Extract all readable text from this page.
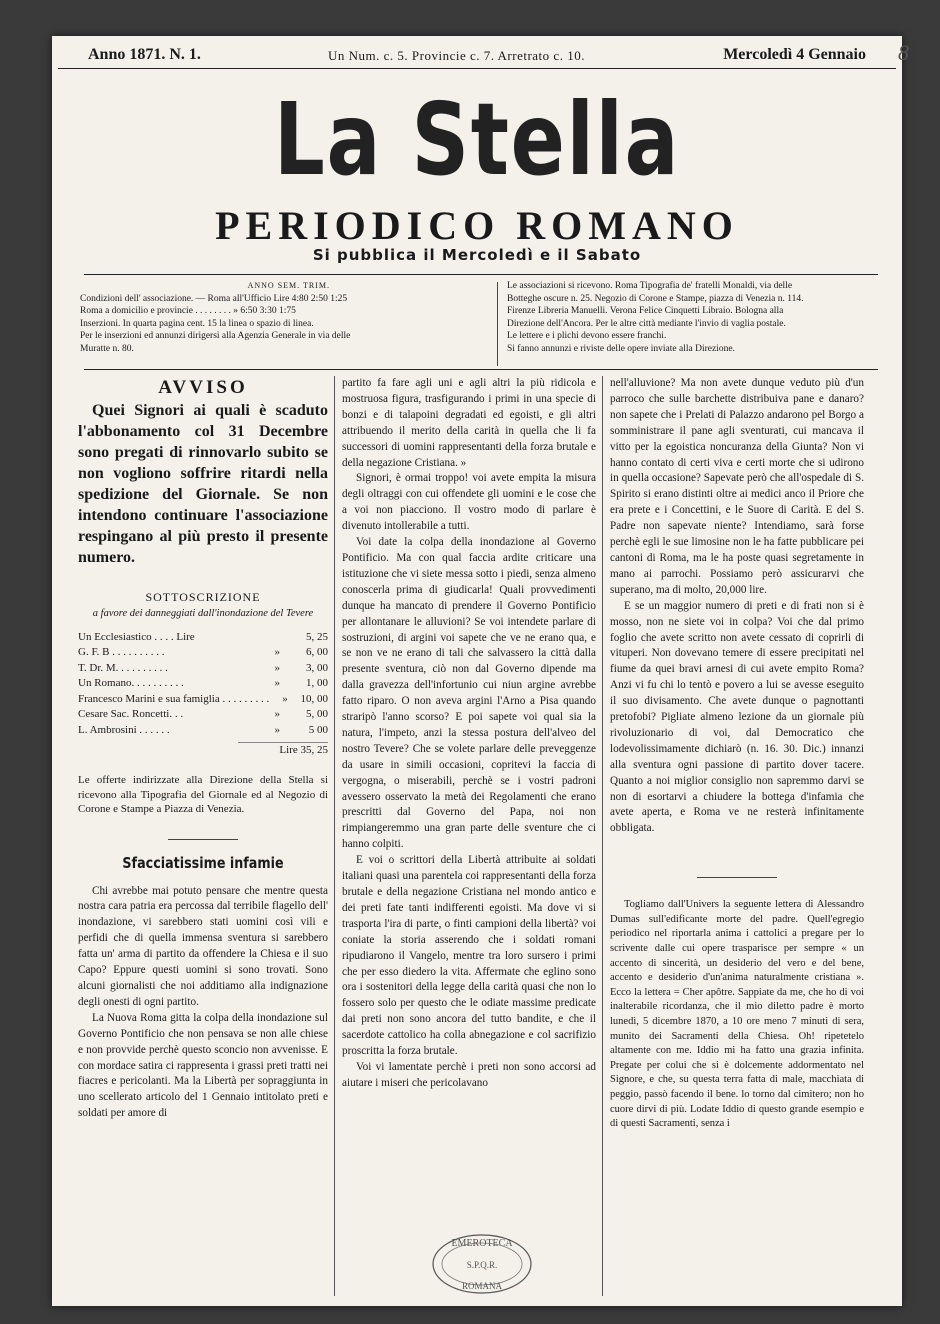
Anno 1871. N. 1.	Un Num. c. 5. Provincie c. 7. Arretrato c. 10.	Mercoledì 4 Gennaio 8
La Stella
PERIODICO ROMANO
Si pubblica il Mercoledì e il Sabato
ANNO SEM. TRIM.
Condizioni dell' associazione. — Roma all'Ufficio Lire 4:80 2:50 1:25
Roma a domicilio e provincie . . . . . . . . » 6:50 3:30 1:75
Inserzioni. In quarta pagina cent. 15 la linea o spazio di linea.
Per le inserzioni ed annunzi dirigersi alla Agenzia Generale in via delle
Muratte n. 80.
Le associazioni si ricevono. Roma Tipografia de' fratelli Monaldi, via delle
Botteghe oscure n. 25. Negozio di Corone e Stampe, piazza di Venezia n. 114.
Firenze Libreria Manuelli. Verona Felice Cinquetti Libraio. Bologna alla
Direzione dell'Ancora. Per le altre città mediante l'invio di vaglia postale.
Le lettere e i plichi devono essere franchi.
Si fanno annunzi e riviste delle opere inviate alla Direzione.
AVVISO
Quei Signori ai quali è scaduto l'abbonamento col 31 Decembre sono pregati di rinnovarlo subito se non vogliono soffrire ritardi nella spedizione del Giornale. Se non intendono continuare l'associazione respingano al più presto il presente numero.
SOTTOSCRIZIONE
a favore dei danneggiati dall'inondazione del Tevere
Un Ecclesiastico . . . . Lire	5, 25
G. F. B . . . . . . . . . .	»	6, 00
T. Dr. M. . . . . . . . . .	»	3, 00
Un Romano. . . . . . . . . .	»	1, 00
Francesco Marini e sua famiglia . . . . . . . . .	»	10, 00
Cesare Sac. Roncetti. . .	»	5, 00
L. Ambrosini . . . . . .	»	5 00
Lire 35, 25
Le offerte indirizzate alla Direzione della Stella si ricevono alla Tipografia del Giornale ed al Negozio di Corone e Stampe a Piazza di Venezia.
Sfacciatissime infamie

Chi avrebbe mai potuto pensare che mentre questa nostra cara patria era percossa dal terribile flagello dell' inondazione, vi sarebbero stati uomini così vili e perfidi che di quella immensa sventura si sarebbero fatta un' arma di partito da offendere la Chiesa e il suo Capo? Eppure questi uomini si sono trovati. Sono alcuni giornalisti che noi additiamo alla indignazione degli onesti di ogni partito.

La Nuova Roma gitta la colpa della inondazione sul Governo Pontificio che non pensava se non alle chiese e non provvide perchè questo sconcio non avvenisse. E con mordace satira ci rappresenta i grassi preti tratti nei fiacres e pericolanti. Ma la Libertà per sopraggiunta in uno scellerato articolo del 1 Gennaio intitolato preti e soldati per amore di

partito fa fare agli uni e agli altri la più ridicola e mostruosa figura, trasfigurando i primi in una specie di bonzi e di talapoini degradati ed egoisti, e gli altri attribuendo il merito della carità in quella che li fa successori di uomini rappresentanti della forza brutale e della negazione Cristiana. »

Signori, è ormai troppo! voi avete empita la misura degli oltraggi con cui offendete gli uomini e le cose che a voi non piacciono. Il vostro modo di parlare è divenuto intollerabile a tutti.

Voi date la colpa della inondazione al Governo Pontificio. Ma con qual faccia ardite criticare una istituzione che vi siete messa sotto i piedi, senza almeno conoscerla prima di giudicarla! Quali provvedimenti dunque ha mancato di prendere il Governo Pontificio per allontanare le alluvioni? Se voi intendete parlare di sostruzioni, di argini voi sapete che ve ne erano qua, e se non ve ne erano di tali che salvassero la città dalla presente sventura, ciò non dal Governo dipende ma dalla gravezza dell'infortunio cui niun argine avrebbe fatto riparo. O non aveva argini l'Arno a Pisa quando straripò l'anno scorso? E poi sapete voi qual sia la natura, l'impeto, anzi la stessa postura dell'alveo del nostro Tevere? Che se volete parlare delle preveggenze da usare in simili occasioni, copritevi la faccia di vergogna, o miserabili, perchè se i vostri padroni avessero osservato la metà dei Regolamenti che erano prescritti dal Governo del Papa, noi non rimpiangeremmo una gran parte delle sventure che ci hanno colpiti.

E voi o scrittori della Libertà attribuite ai soldati italiani quasi una parentela coi rappresentanti della forza brutale e della negazione Cristiana nel mondo antico e dei preti fate tanti indifferenti egoisti. Ma dove vi si trasporta l'ira di parte, o finti campioni della libertà? voi coniate la storia asserendo che i soldati romani ripudiarono il Vangelo, mentre tra loro sursero i primi che per esso diedero la vita. Affermate che eglino sono ora i sostenitori della legge della carità quasi che non lo fossero solo per questo che le odiate massime predicate dai preti non sono ancora del tutto bandite, e che il sacerdote cattolico ha colla abnegazione e col sacrifizio proscritta la forza brutale.

Voi vi lamentate perchè i preti non sono accorsi ad aiutare i miseri che pericolavano

nell'alluvione? Ma non avete dunque veduto più d'un parroco che sulle barchette distribuiva pane e danaro? non sapete che i Prelati di Palazzo andarono pel Borgo a somministrare il pane agli sventurati, cui mancava il vitto per la egoistica noncuranza della Giunta? Non vi hanno contato di certi viva e certi morte che si udirono in quella occasione? Sapevate però che all'ospedale di S. Spirito si erano distinti oltre ai medici anco il Priore che era prete e i Concettini, e le Suore di Carità. E del S. Padre non sapevate niente? Intendiamo, sarà forse perchè egli le sue limosine non le ha fatte pubblicare pei cantoni di Roma, ma le ha poste quasi segretamente in mano ai parrochi. Possiamo però assicurarvi che superano, ma di molto, 20,000 lire.

E se un maggior numero di preti e di frati non si è mosso, non ne siete voi in colpa? Voi che dal primo foglio che avete scritto non avete cessato di coprirli di vituperi. Non dovevano temere di essere precipitati nel fiume da quei bravi arnesi di cui avete empito Roma? Anzi vi fu chi lo tentò e povero a lui se avesse eseguito il suo divisamento. Che avete dunque o pagnottanti pretofobi? Pigliate almeno lezione da un giornale più rivoluzionario di voi, dal Democratico che lodevolissimamente dichiarò (n. 16. 30. Dic.) innanzi alla sventura ogni passione di partito dover tacere. Quanto a noi miglior consiglio non sapremmo darvi se non di esortarvi a chiudere la bottega d'infamia che avete aperta, e Roma ve ne resterà infinitamente obbligata.

Togliamo dall'Univers la seguente lettera di Alessandro Dumas sull'edificante morte del padre. Quell'egregio periodico nel riportarla anima i cattolici a pregare per lo scrivente dalle cui opere traspariscе per sempre « un accento di sincerità, un desiderio del vero e del bene, accento e desiderio d'un'anima naturalmente cristiana ». Ecco la lettera = Cher apôtre. Sappiate da me, che ho di voi inalterabile ricordanza, che il mio diletto padre è morto lunedì, 5 dicembre 1870, a 10 ore meno 7 minuti di sera, munito dei Sacramenti della Chiesa. Oh! ripetetelo altamente con me. Iddio mi ha fatto una grazia infinita. Pregate per colui che si è dolcemente addormentato nel Signore, e che, su questa terra fatta di male, macchiata di peggio, passò facendo il bene. lo torno dal cimitero; non ho cuore dirvi di più. Lodate Iddio di questo grande esempio e di questi Sacramenti, senza i

EMEROTECA
S.P.Q.R.
ROMANA
